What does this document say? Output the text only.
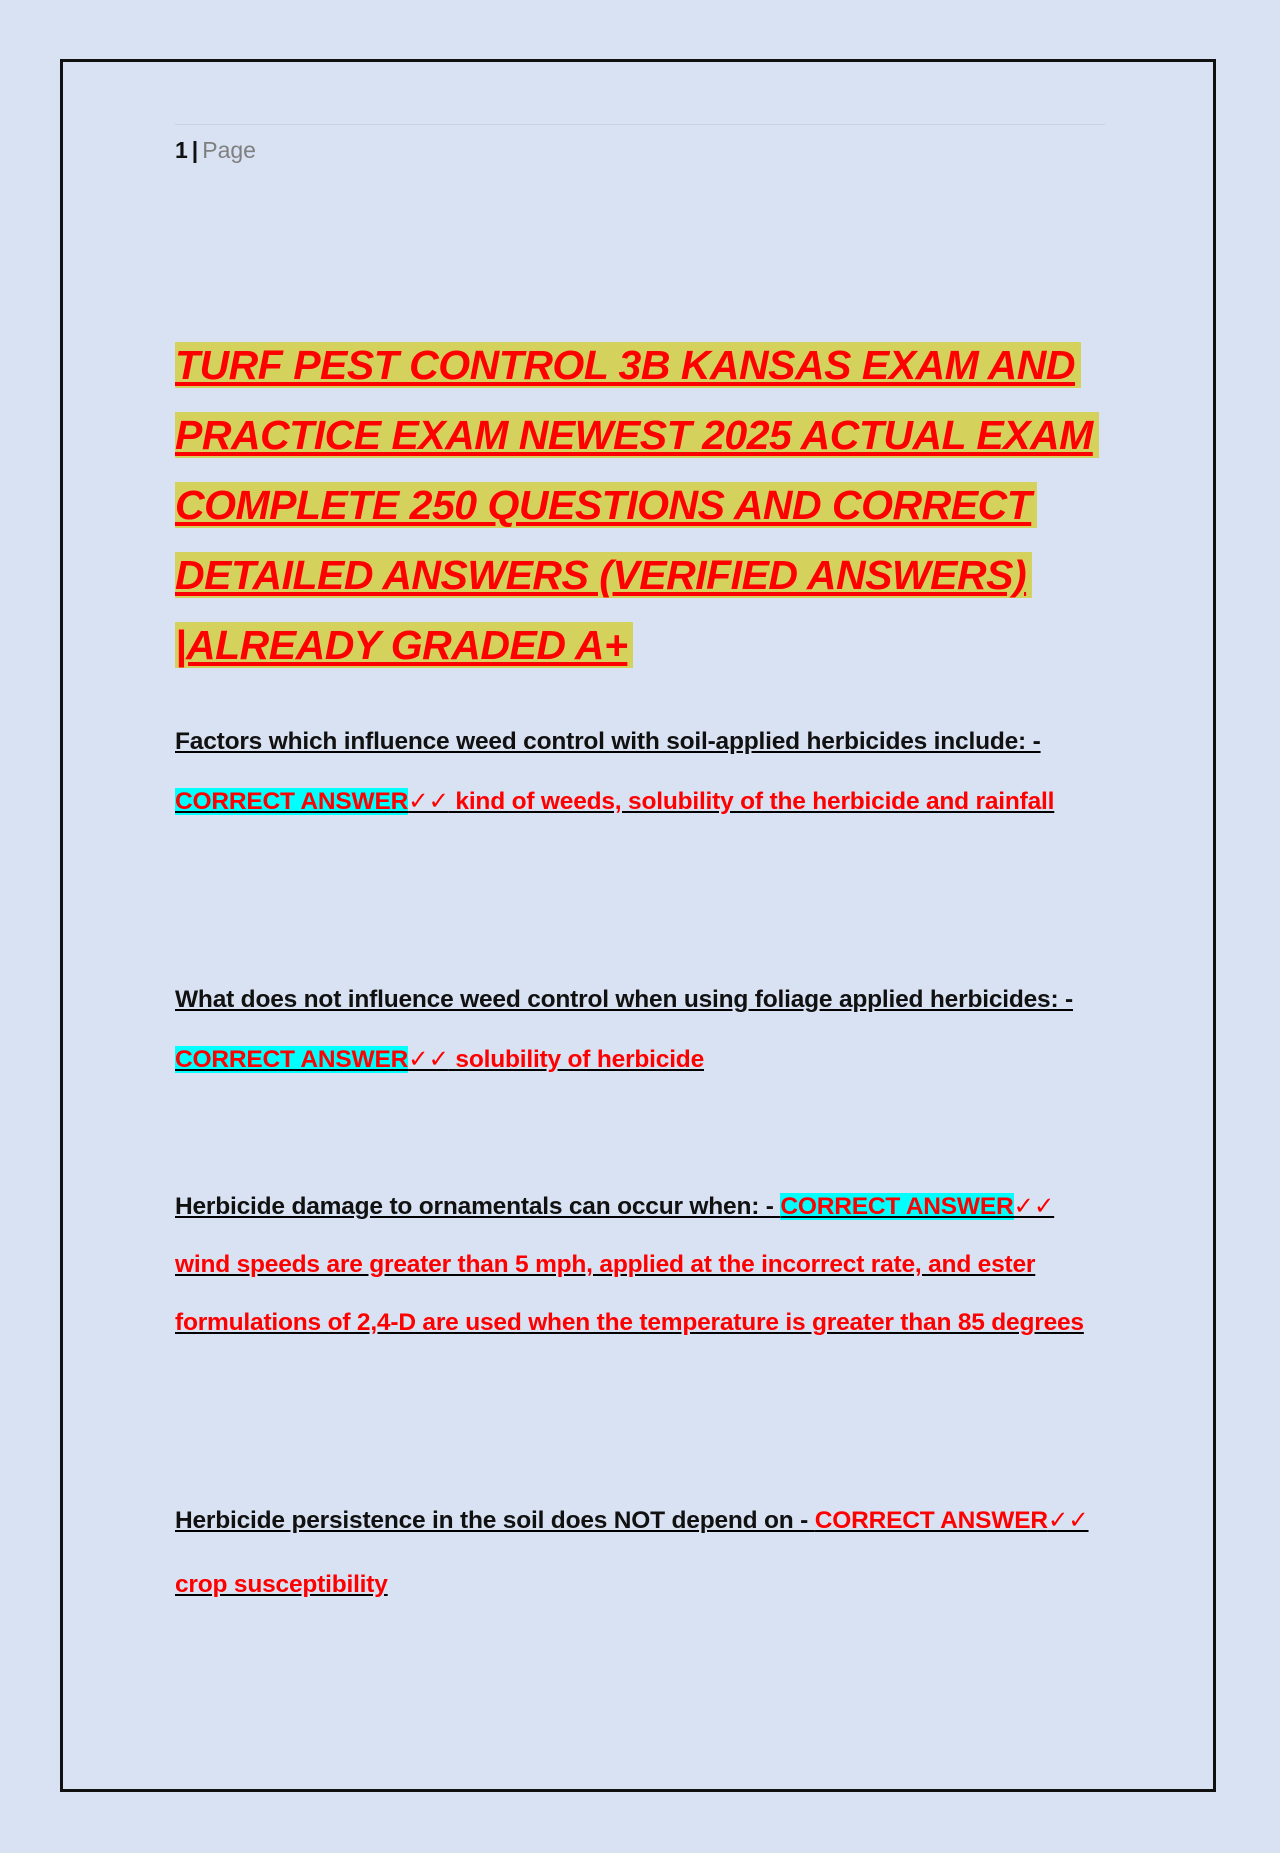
1 | Page
TURF PEST CONTROL 3B KANSAS EXAM AND PRACTICE EXAM NEWEST 2025 ACTUAL EXAM COMPLETE 250 QUESTIONS AND CORRECT DETAILED ANSWERS (VERIFIED ANSWERS) |ALREADY GRADED A+

Factors which influence weed control with soil-applied herbicides include: - CORRECT ANSWER✓✓ kind of weeds, solubility of the herbicide and rainfall

What does not influence weed control when using foliage applied herbicides: - CORRECT ANSWER✓✓ solubility of herbicide

Herbicide damage to ornamentals can occur when: - CORRECT ANSWER✓✓ wind speeds are greater than 5 mph, applied at the incorrect rate, and ester formulations of 2,4-D are used when the temperature is greater than 85 degrees

Herbicide persistence in the soil does NOT depend on - CORRECT ANSWER✓✓ crop susceptibility
